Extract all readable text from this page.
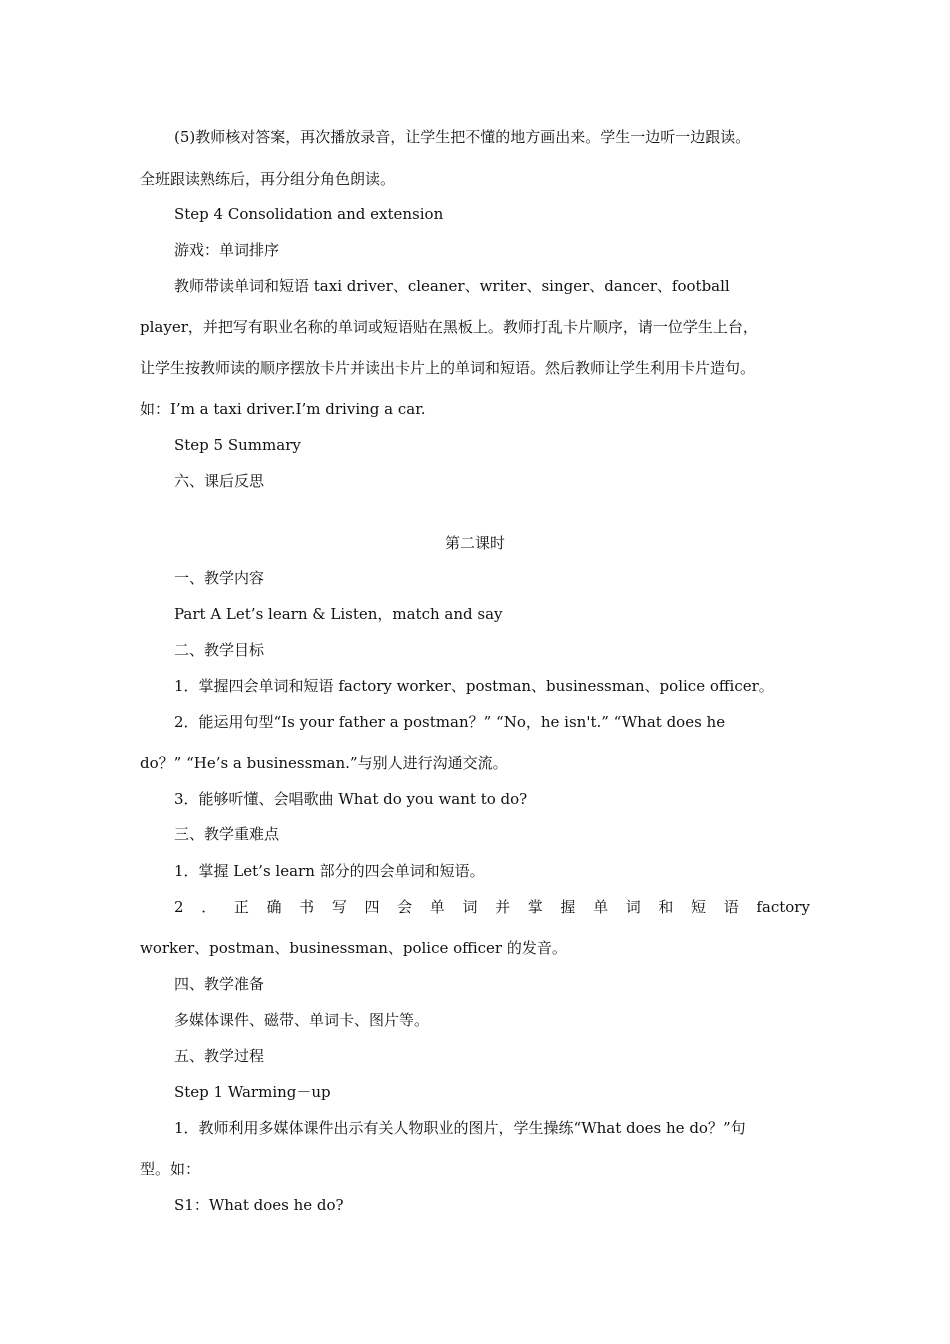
(5)教师核对答案，再次播放录音，让学生把不懂的地方画出来。学生一边听一边跟读。
全班跟读熟练后，再分组分角色朗读。
Step 4 Consolidation and extension
游戏：单词排序
教师带读单词和短语 taxi driver、cleaner、writer、singer、dancer、football
player，并把写有职业名称的单词或短语贴在黑板上。教师打乱卡片顺序，请一位学生上台，
让学生按教师读的顺序摆放卡片并读出卡片上的单词和短语。然后教师让学生利用卡片造句。
如：I’m a taxi driver.I’m driving a car.
Step 5 Summary
六、课后反思
第二课时
一、教学内容
Part A Let’s learn & Listen，match and say
二、教学目标
1．掌握四会单词和短语 factory worker、postman、businessman、police officer。
2．能运用句型“Is your father a postman？” “No，he isn't.” “What does he
do？” “He’s a businessman.”与别人进行沟通交流。
3．能够听懂、会唱歌曲 What do you want to do?
三、教学重难点
1．掌握 Let’s learn 部分的四会单词和短语。
2 ． 正 确 书 写 四 会 单 词 并 掌 握 单 词 和 短 语 factory
worker、postman、businessman、police officer 的发音。
四、教学准备
多媒体课件、磁带、单词卡、图片等。
五、教学过程
Step 1 Warming－up
1．教师利用多媒体课件出示有关人物职业的图片，学生操练“What does he do？”句
型。如：
S1：What does he do?
